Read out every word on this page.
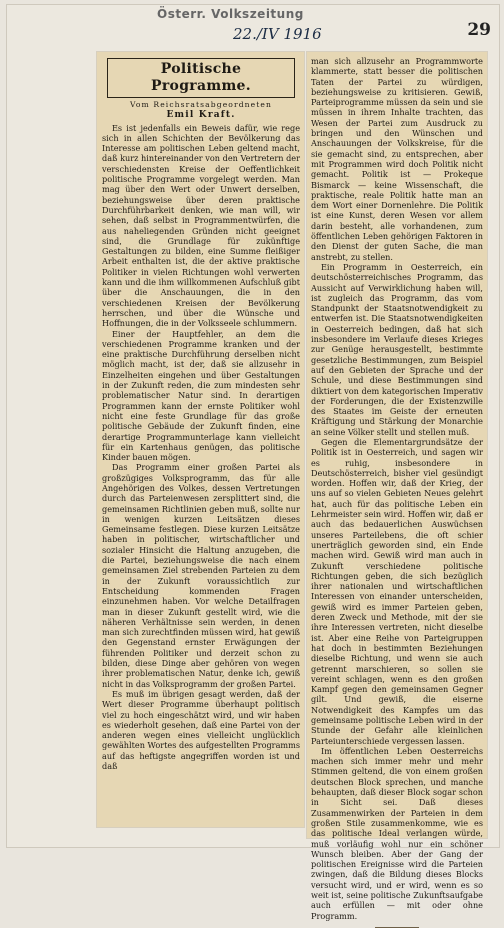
Österr. Volkszeitung
22./IV 1916	29
Politische Programme.
Vom Reichsratsabgeordneten
Emil Kraft.

Es ist jedenfalls ein Beweis dafür, wie rege sich in allen Schichten der Bevölkerung das Interesse am politischen Leben geltend macht, daß kurz hintereinander von den Vertretern der verschiedensten Kreise der Oeffentlichkeit politische Programme vorgelegt werden. Man mag über den Wert oder Unwert derselben, beziehungsweise über deren praktische Durchführbarkeit denken, wie man will, wir sehen, daß selbst in Programmentwürfen, die aus naheliegenden Gründen nicht geeignet sind, die Grundlage für zukünftige Gestaltungen zu bilden, eine Summe fleißiger Arbeit enthalten ist, die der aktive praktische Politiker in vielen Richtungen wohl verwerten kann und die ihm willkommenen Aufschluß gibt über die Anschauungen, die in den verschiedenen Kreisen der Bevölkerung herrschen, und über die Wünsche und Hoffnungen, die in der Volksseele schlummern.

Einer der Hauptfehler, an dem die verschiedenen Programme kranken und der eine praktische Durchführung derselben nicht möglich macht, ist der, daß sie allzusehr in Einzelheiten eingehen und über Gestaltungen in der Zukunft reden, die zum mindesten sehr problematischer Natur sind. In derartigen Programmen kann der ernste Politiker wohl nicht eine feste Grundlage für das große politische Gebäude der Zukunft finden, eine derartige Programmunterlage kann vielleicht für ein Kartenhaus genügen, das politische Kinder bauen mögen.

Das Programm einer großen Partei als großzügiges Volksprogramm, das für alle Angehörigen des Volkes, dessen Vertretungen durch das Parteienwesen zersplittert sind, die gemeinsamen Richtlinien geben muß, sollte nur in wenigen kurzen Leitsätzen dieses Gemeinsame festlegen. Diese kurzen Leitsätze haben in politischer, wirtschaftlicher und sozialer Hinsicht die Haltung anzugeben, die die Partei, beziehungsweise die nach einem gemeinsamen Ziel strebenden Parteien zu dem in der Zukunft voraussichtlich zur Entscheidung kommenden Fragen einzunehmen haben. Vor welche Detailfragen man in dieser Zukunft gestellt wird, wie die näheren Verhältnisse sein werden, in denen man sich zurechtfinden müssen wird, hat gewiß den Gegenstand ernster Erwägungen der führenden Politiker und derzeit schon zu bilden, diese Dinge aber gehören von wegen ihrer problematischen Natur, denke ich, gewiß nicht in das Volksprogramm der großen Partei.

Es muß im übrigen gesagt werden, daß der Wert dieser Programme überhaupt politisch viel zu hoch eingeschätzt wird, und wir haben es wiederholt gesehen, daß eine Partei von der anderen wegen eines vielleicht unglücklich gewählten Wortes des aufgestellten Programms auf das heftigste angegriffen worden ist und daß

man sich allzusehr an Programmworte klammerte, statt besser die politischen Taten der Partei zu würdigen, beziehungsweise zu kritisieren. Gewiß, Parteiprogramme müssen da sein und sie müssen in ihrem Inhalte trachten, das Wesen der Partei zum Ausdruck zu bringen und den Wünschen und Anschauungen der Volkskreise, für die sie gemacht sind, zu entsprechen, aber mit Programmen wird doch Politik nicht gemacht. Politik ist — Prokeque Bismarck — keine Wissenschaft, die praktische, reale Politik hatte man an dem Wort einer Dornenlehre. Die Politik ist eine Kunst, deren Wesen vor allem darin besteht, alle vorhandenen, zum öffentlichen Leben gehörigen Faktoren in den Dienst der guten Sache, die man anstrebt, zu stellen.

Ein Programm in Oesterreich, ein deutschösterreichisches Programm, das Aussicht auf Verwirklichung haben will, ist zugleich das Programm, das vom Standpunkt der Staatsnotwendigkeit zu entwerfen ist. Die Staatsnotwendigkeiten in Oesterreich bedingen, daß hat sich insbesondere im Verlaufe dieses Krieges zur Genüge herausgestellt, bestimmte gesetzliche Bestimmungen, zum Beispiel auf den Gebieten der Sprache und der Schule, und diese Bestimmungen sind diktiert von dem kategorischen Imperativ der Forderungen, die der Existenzwille des Staates im Geiste der erneuten Kräftigung und Stärkung der Monarchie an seine Völker stellt und stellen muß.

Gegen die Elementargrundsätze der Politik ist in Oesterreich, und sagen wir es ruhig, insbesondere in Deutschösterreich, bisher viel gesündigt worden. Hoffen wir, daß der Krieg, der uns auf so vielen Gebieten Neues gelehrt hat, auch für das politische Leben ein Lehrmeister sein wird. Hoffen wir, daß er auch das bedauerlichen Auswüchsen unseres Parteilebens, die oft schier unerträglich geworden sind, ein Ende machen wird. Gewiß wird man auch in Zukunft verschiedene politische Richtungen geben, die sich bezüglich ihrer nationalen und wirtschaftlichen Interessen von einander unterscheiden, gewiß wird es immer Parteien geben, deren Zweck und Methode, mit der sie ihre Interessen vertreten, nicht dieselbe ist. Aber eine Reihe von Parteigruppen hat doch in bestimmten Beziehungen dieselbe Richtung, und wenn sie auch getrennt marschieren, so sollen sie vereint schlagen, wenn es den großen Kampf gegen den gemeinsamen Gegner gilt. Und gewiß, die eiserne Notwendigkeit des Kampfes um das gemeinsame politische Leben wird in der Stunde der Gefahr alle kleinlichen Parteiunterschiede vergessen lassen.

Im öffentlichen Leben Oesterreichs machen sich immer mehr und mehr Stimmen geltend, die von einem großen deutschen Block sprechen, und manche behaupten, daß dieser Block sogar schon in Sicht sei. Daß dieses Zusammenwirken der Parteien in dem großen Stile zusammenkomme, wie es das politische Ideal verlangen würde, muß vorläufig wohl nur ein schöner Wunsch bleiben. Aber der Gang der politischen Ereignisse wird die Parteien zwingen, daß die Bildung dieses Blocks versucht wird, und er wird, wenn es so weit ist, seine politische Zukunftsaufgabe auch erfüllen — mit oder ohne Programm.
